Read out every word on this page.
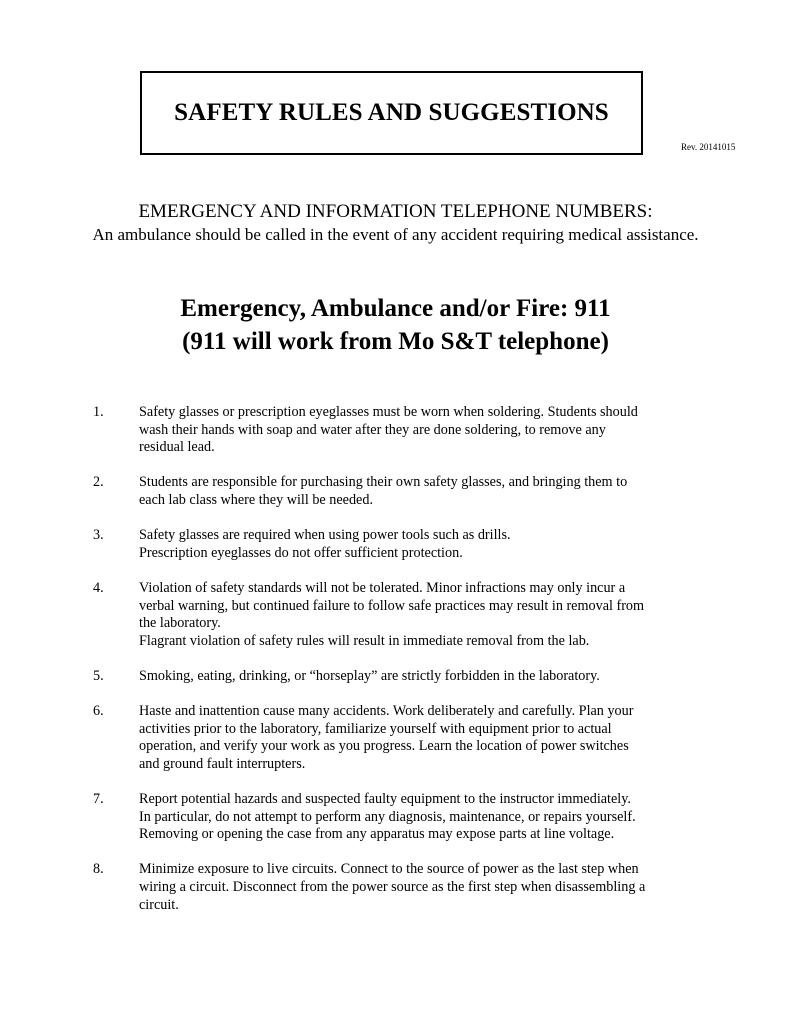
SAFETY RULES AND SUGGESTIONS
Rev. 20141015
EMERGENCY AND INFORMATION TELEPHONE NUMBERS:
An ambulance should be called in the event of any accident requiring medical assistance.
Emergency, Ambulance and/or Fire: 911
(911 will work from Mo S&T telephone)
1. Safety glasses or prescription eyeglasses must be worn when soldering. Students should
wash their hands with soap and water after they are done soldering, to remove any
residual lead.
2. Students are responsible for purchasing their own safety glasses, and bringing them to
each lab class where they will be needed.
3. Safety glasses are required when using power tools such as drills.
Prescription eyeglasses do not offer sufficient protection.
4. Violation of safety standards will not be tolerated. Minor infractions may only incur a
verbal warning, but continued failure to follow safe practices may result in removal from
the laboratory.
Flagrant violation of safety rules will result in immediate removal from the lab.
5. Smoking, eating, drinking, or “horseplay” are strictly forbidden in the laboratory.
6. Haste and inattention cause many accidents. Work deliberately and carefully. Plan your
activities prior to the laboratory, familiarize yourself with equipment prior to actual
operation, and verify your work as you progress. Learn the location of power switches
and ground fault interrupters.
7. Report potential hazards and suspected faulty equipment to the instructor immediately.
In particular, do not attempt to perform any diagnosis, maintenance, or repairs yourself.
Removing or opening the case from any apparatus may expose parts at line voltage.
8. Minimize exposure to live circuits. Connect to the source of power as the last step when
wiring a circuit. Disconnect from the power source as the first step when disassembling a
circuit.
